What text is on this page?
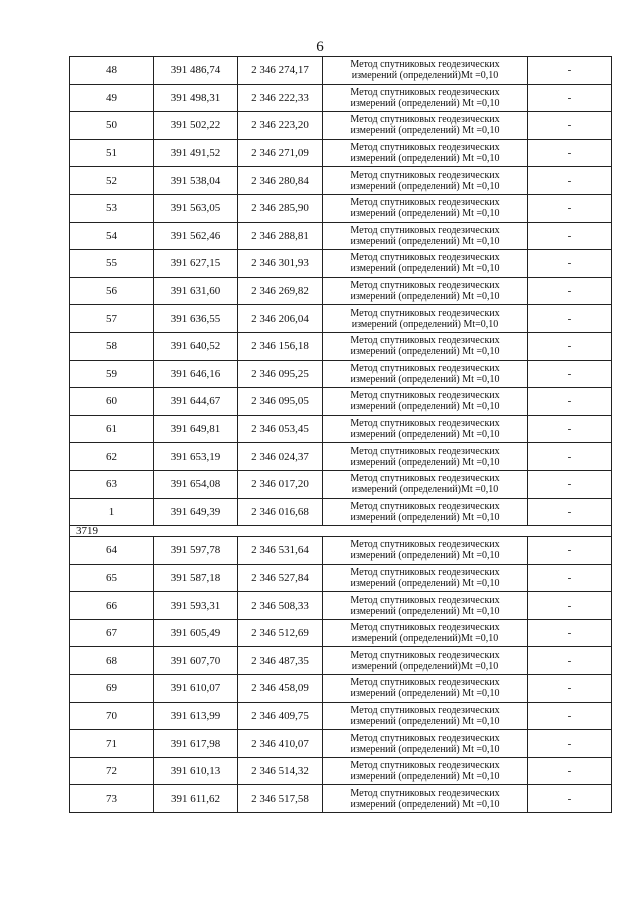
6
48	391 486,74	2 346 274,17	Метод спутниковых геодезических
измерений (определений)Mt =0,10	-
49	391 498,31	2 346 222,33	Метод спутниковых геодезических
измерений (определений) Mt =0,10	-
50	391 502,22	2 346 223,20	Метод спутниковых геодезических
измерений (определений) Mt =0,10	-
51	391 491,52	2 346 271,09	Метод спутниковых геодезических
измерений (определений) Mt =0,10	-
52	391 538,04	2 346 280,84	Метод спутниковых геодезических
измерений (определений) Mt =0,10	-
53	391 563,05	2 346 285,90	Метод спутниковых геодезических
измерений (определений) Mt =0,10	-
54	391 562,46	2 346 288,81	Метод спутниковых геодезических
измерений (определений) Mt =0,10	-
55	391 627,15	2 346 301,93	Метод спутниковых геодезических
измерений (определений) Mt =0,10	-
56	391 631,60	2 346 269,82	Метод спутниковых геодезических
измерений (определений) Mt =0,10	-
57	391 636,55	2 346 206,04	Метод спутниковых геодезических
измерений (определений) Mt=0,10	-
58	391 640,52	2 346 156,18	Метод спутниковых геодезических
измерений (определений) Mt =0,10	-
59	391 646,16	2 346 095,25	Метод спутниковых геодезических
измерений (определений) Mt =0,10	-
60	391 644,67	2 346 095,05	Метод спутниковых геодезических
измерений (определений) Mt =0,10	-
61	391 649,81	2 346 053,45	Метод спутниковых геодезических
измерений (определений) Mt =0,10	-
62	391 653,19	2 346 024,37	Метод спутниковых геодезических
измерений (определений) Mt =0,10	-
63	391 654,08	2 346 017,20	Метод спутниковых геодезических
измерений (определений)Mt =0,10	-
1	391 649,39	2 346 016,68	Метод спутниковых геодезических
измерений (определений) Mt =0,10	-
3719				
64	391 597,78	2 346 531,64	Метод спутниковых геодезических
измерений (определений) Mt =0,10	-
65	391 587,18	2 346 527,84	Метод спутниковых геодезических
измерений (определений) Mt =0,10	-
66	391 593,31	2 346 508,33	Метод спутниковых геодезических
измерений (определений) Mt =0,10	-
67	391 605,49	2 346 512,69	Метод спутниковых геодезических
измерений (определений)Mt =0,10	-
68	391 607,70	2 346 487,35	Метод спутниковых геодезических
измерений (определений)Mt =0,10	-
69	391 610,07	2 346 458,09	Метод спутниковых геодезических
измерений (определений) Mt =0,10	-
70	391 613,99	2 346 409,75	Метод спутниковых геодезических
измерений (определений) Mt =0,10	-
71	391 617,98	2 346 410,07	Метод спутниковых геодезических
измерений (определений) Mt =0,10	-
72	391 610,13	2 346 514,32	Метод спутниковых геодезических
измерений (определений) Mt =0,10	-
73	391 611,62	2 346 517,58	Метод спутниковых геодезических
измерений (определений) Mt =0,10	-
